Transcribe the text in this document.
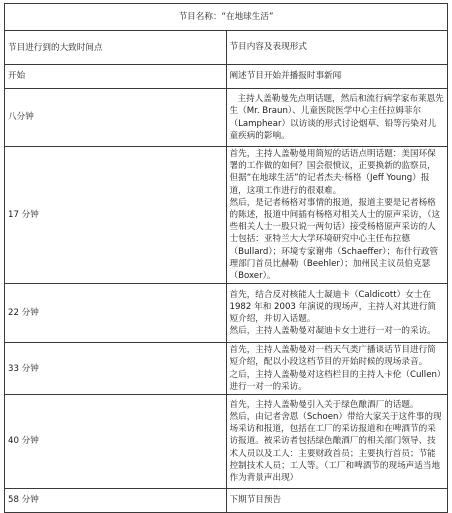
节目名称：“在地球生活”	
节目进行到的大致时间点	节目内容及表现形式
开始	阐述节目开始并播报时事新闻

八分钟	主持人盖勒曼先点明话题，然后和流行病学家布莱恩先生（Mr. Braun）、儿童医院医学中心主任拉姆菲尔（Lamphear）以访谈的形式讨论烟草、铅等污染对儿童疾病的影响。

17 分钟	首先，主持人盖勒曼用简短的话语点明话题：美国环保署的工作做的如何？国会很愤议，正要换新的监察员，但据“在地球生活”的记者杰夫·杨格（Jeff Young）报道，这项工作进行的很艰难。

然后，是记者杨格对事情的报道，报道主要是记者杨格的陈述，报道中间插有杨格对相关人士的原声采访，（这些相关人士一股只说一两句话）接受杨格原声采访的人士包括：亚特兰大大学环境研究中心主任布拉德（Bullard）；环境专家谢弗（Schaeffer）；布什行政管理部门首员比赫勒（Beehler）；加州民主议员伯克瑟（Boxer）。

22 分钟	首先，结合反对核能人士凝迪卡（Caldicott）女士在 1982 年和 2003 年演说的现场声，主持人对其进行简短介绍，并切入话题。

然后，主持人盖勒曼对凝迪卡女士进行一对一的采访。

33 分钟	首先，主持人盖勒曼对一档天气类广播谈话节目进行简短介绍，配以小段这档节目的开始时候的现场录音。

之后，主持人盖勒曼对这档栏目的主持人卡伦（Cullen）进行一对一的采访。

40 分钟	首先，主持人盖勒曼引入关于绿色酿酒厂的话题。

然后，由记者舍恩（Schoen）带给大家关于这件事的现场采访和报道，包括在工厂的采访报道和在啤酒节的采访报道。被采访者包括绿色酿酒厂的相关部门领导、技术人员以及工人：主要财政首员；主要执行首员；节能控制技术人员；工人等。（工厂和啤酒节的现场声适当地作为背景声出现）

58 分钟	下期节目预告
